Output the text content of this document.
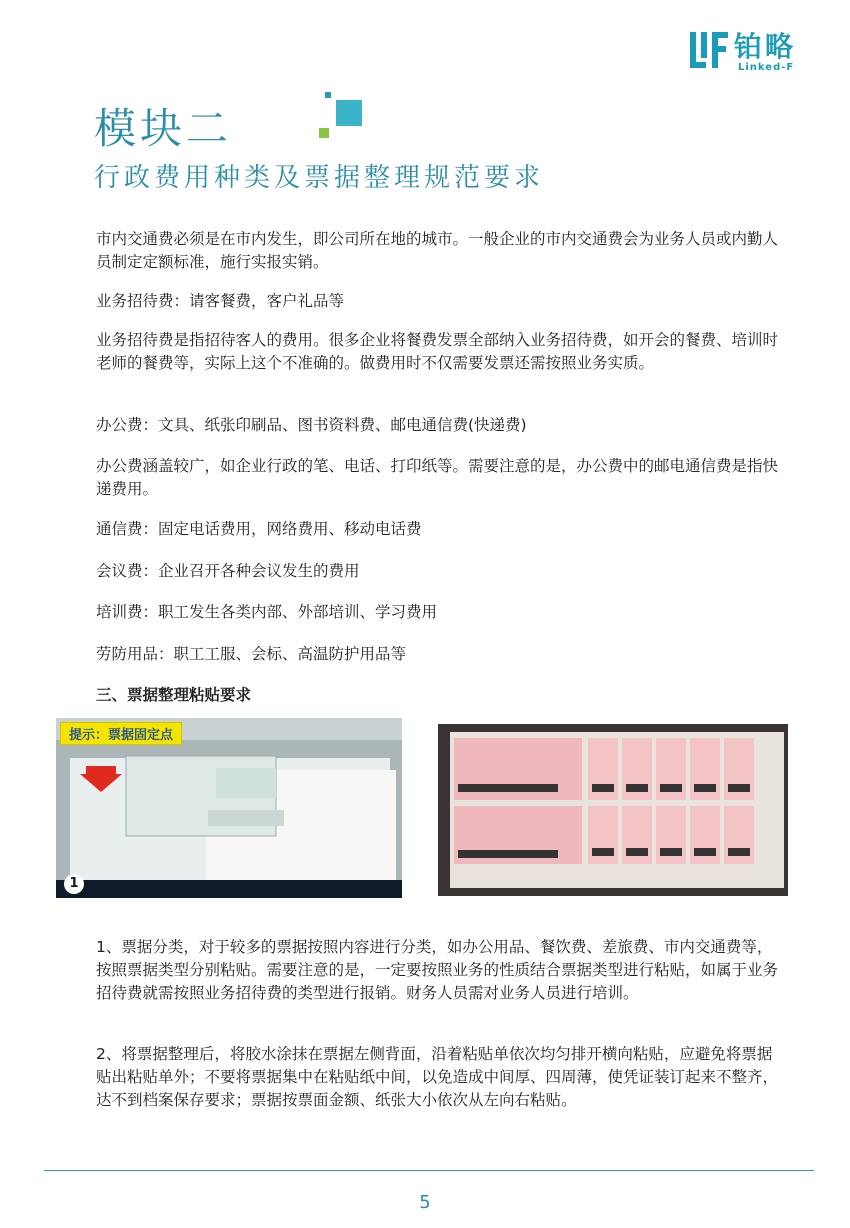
铂略
Linked-F
模块二
行政费用种类及票据整理规范要求
市内交通费必须是在市内发生，即公司所在地的城市。一般企业的市内交通费会为业务人员或内勤人员制定定额标准，施行实报实销。
业务招待费：请客餐费，客户礼品等
业务招待费是指招待客人的费用。很多企业将餐费发票全部纳入业务招待费，如开会的餐费、培训时老师的餐费等，实际上这个不准确的。做费用时不仅需要发票还需按照业务实质。
办公费：文具、纸张印刷品、图书资料费、邮电通信费(快递费)
办公费涵盖较广，如企业行政的笔、电话、打印纸等。需要注意的是，办公费中的邮电通信费是指快递费用。
通信费：固定电话费用，网络费用、移动电话费
会议费：企业召开各种会议发生的费用
培训费：职工发生各类内部、外部培训、学习费用
劳防用品：职工工服、会标、高温防护用品等
三、票据整理粘贴要求
提示：票据固定点
1
1、票据分类，对于较多的票据按照内容进行分类，如办公用品、餐饮费、差旅费、市内交通费等，按照票据类型分别粘贴。需要注意的是，一定要按照业务的性质结合票据类型进行粘贴，如属于业务招待费就需按照业务招待费的类型进行报销。财务人员需对业务人员进行培训。
2、将票据整理后，将胶水涂抹在票据左侧背面，沿着粘贴单依次均匀排开横向粘贴，应避免将票据贴出粘贴单外；不要将票据集中在粘贴纸中间，以免造成中间厚、四周薄，使凭证装订起来不整齐，达不到档案保存要求；票据按票面金额、纸张大小依次从左向右粘贴。
5
